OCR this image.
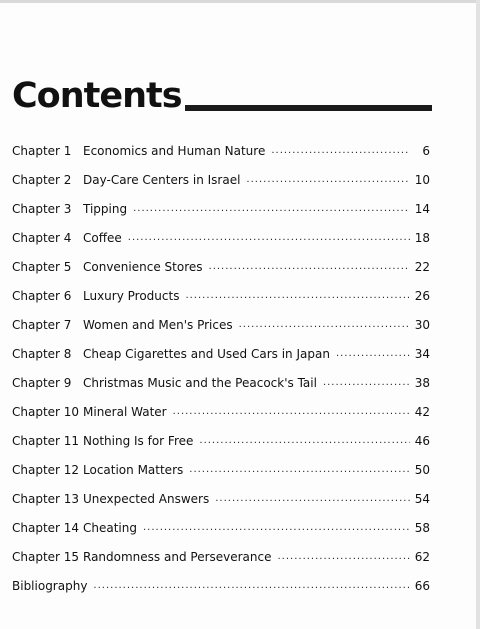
Contents
Chapter 1 Economics and Human Nature .....	6
Chapter 2 Day-Care Centers in Israel .....	10
Chapter 3 Tipping .....	14
Chapter 4 Coffee .....	18
Chapter 5 Convenience Stores .....	22
Chapter 6 Luxury Products .....	26
Chapter 7 Women and Men's Prices .....	30
Chapter 8 Cheap Cigarettes and Used Cars in Japan .....	34
Chapter 9 Christmas Music and the Peacock's Tail .....	38
Chapter 10 Mineral Water .....	42
Chapter 11 Nothing Is for Free .....	46
Chapter 12 Location Matters .....	50
Chapter 13 Unexpected Answers .....	54
Chapter 14 Cheating .....	58
Chapter 15 Randomness and Perseverance .....	62
Bibliography .....	66
